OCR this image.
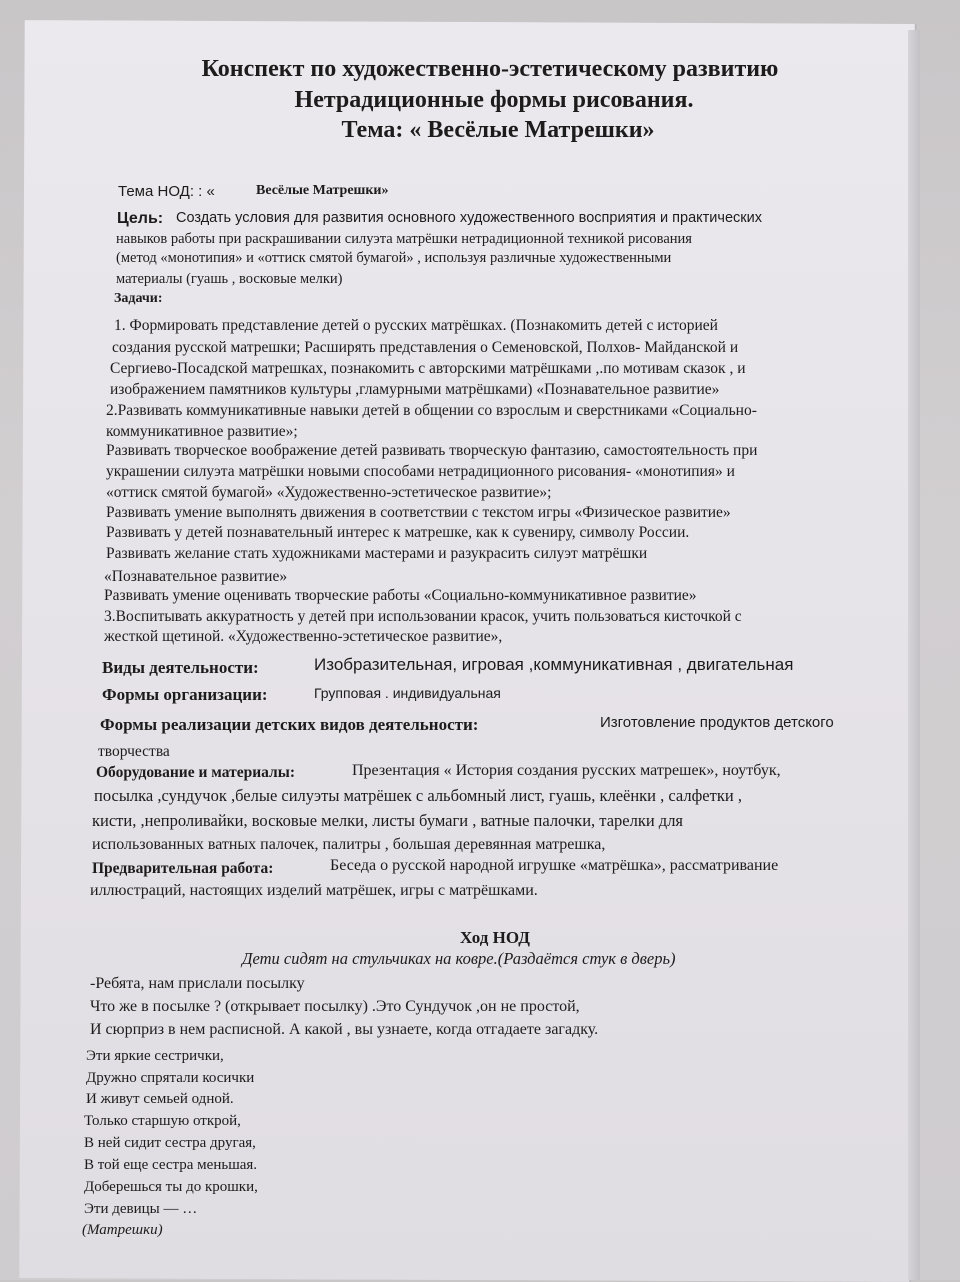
Конспект по художественно-эстетическому развитию
Нетрадиционные формы рисования.
Тема: « Весёлые Матрешки»
Тема НОД: : «	Весёлые Матрешки»
Цель: Создать условия для развития основного художественного восприятия и практических
навыков работы при раскрашивании силуэта матрёшки нетрадиционной техникой рисования
(метод «монотипия» и «оттиск смятой бумагой» , используя различные художественными
материалы (гуашь , восковые мелки)
Задачи:
1. Формировать представление детей о русских матрёшках. (Познакомить детей с историей
создания русской матрешки; Расширять представления о Семеновской, Полхов- Майданской и
Сергиево-Посадской матрешках, познакомить с авторскими матрёшками ,.по мотивам сказок , и
изображением памятников культуры ,гламурными матрёшками) «Познавательное развитие»
2.Развивать коммуникативные навыки детей в общении со взрослым и сверстниками «Социально-
коммуникативное развитие»;
Развивать творческое воображение детей развивать творческую фантазию, самостоятельность при
украшении силуэта матрёшки новыми способами нетрадиционного рисования- «монотипия» и
«оттиск смятой бумагой» «Художественно-эстетическое развитие»;
Развивать умение выполнять движения в соответствии с текстом игры «Физическое развитие»
Развивать у детей познавательный интерес к матрешке, как к сувениру, символу России.
Развивать желание стать художниками мастерами и разукрасить силуэт матрёшки
«Познавательное развитие»
Развивать умение оценивать творческие работы «Социально-коммуникативное развитие»
3.Воспитывать аккуратность у детей при использовании красок, учить пользоваться кисточкой с
жесткой щетиной. «Художественно-эстетическое развитие»,
Виды деятельности:	Изобразительная, игровая ,коммуникативная , двигательная
Формы организации:	Групповая . индивидуальная
Формы реализации детских видов деятельности:	Изготовление продуктов детского
творчества
Оборудование и материалы:	Презентация « История создания русских матрешек», ноутбук,
посылка ,сундучок ,белые силуэты матрёшек с альбомный лист, гуашь, клеёнки , салфетки ,
кисти, ,непроливайки, восковые мелки, листы бумаги , ватные палочки, тарелки для
использованных ватных палочек, палитры , большая деревянная матрешка,
Предварительная работа:	Беседа о русской народной игрушке «матрёшка», рассматривание
иллюстраций, настоящих изделий матрёшек, игры с матрёшками.
Ход НОД
Дети сидят на стульчиках на ковре.(Раздаётся стук в дверь)
-Ребята, нам прислали посылку
Что же в посылке ? (открывает посылку) .Это Сундучок ,он не простой,
И сюрприз в нем расписной. А какой , вы узнаете, когда отгадаете загадку.
Эти яркие сестрички,
Дружно спрятали косички
И живут семьей одной.
Только старшую открой,
В ней сидит сестра другая,
В той еще сестра меньшая.
Доберешься ты до крошки,
Эти девицы — …
(Матрешки)
